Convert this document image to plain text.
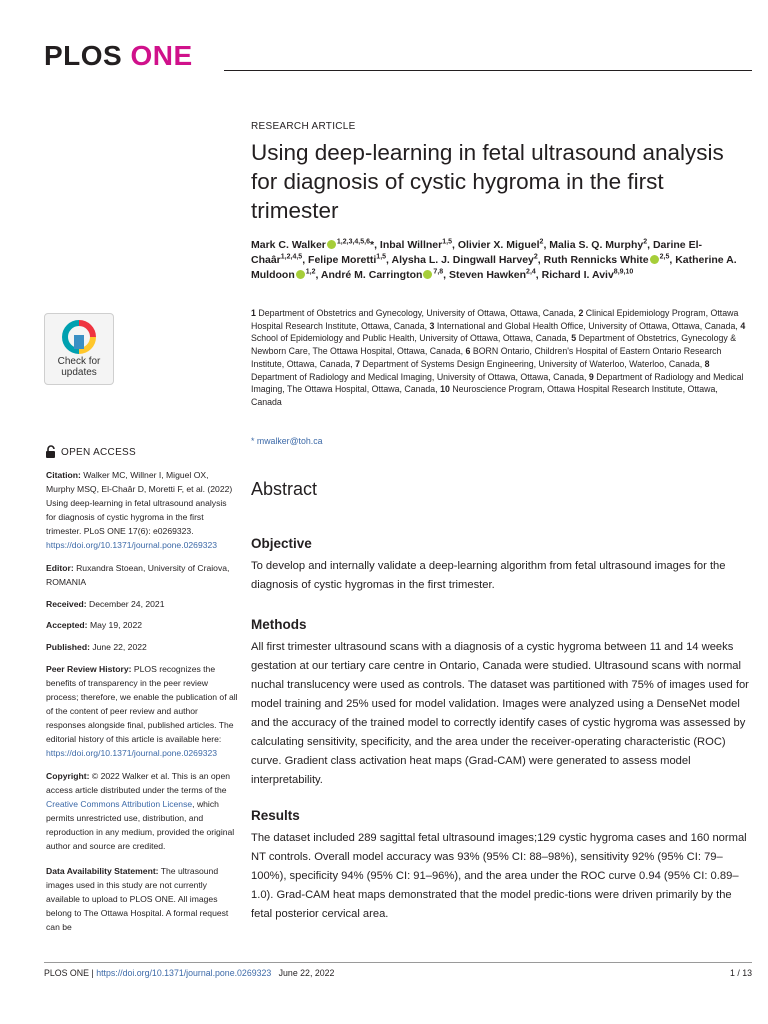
PLOS ONE
Check for
updates
OPEN ACCESS
Citation: Walker MC, Willner I, Miguel OX, Murphy MSQ, El-Chaâr D, Moretti F, et al. (2022) Using deep-learning in fetal ultrasound analysis for diagnosis of cystic hygroma in the first trimester. PLoS ONE 17(6): e0269323. https://doi.org/10.1371/journal.pone.0269323
Editor: Ruxandra Stoean, University of Craiova, ROMANIA
Received: December 24, 2021
Accepted: May 19, 2022
Published: June 22, 2022
Peer Review History: PLOS recognizes the benefits of transparency in the peer review process; therefore, we enable the publication of all of the content of peer review and author responses alongside final, published articles. The editorial history of this article is available here: https://doi.org/10.1371/journal.pone.0269323
Copyright: © 2022 Walker et al. This is an open access article distributed under the terms of the Creative Commons Attribution License, which permits unrestricted use, distribution, and reproduction in any medium, provided the original author and source are credited.
Data Availability Statement: The ultrasound images used in this study are not currently available to upload to PLOS ONE. All images belong to The Ottawa Hospital. A formal request can be
RESEARCH ARTICLE
Using deep-learning in fetal ultrasound analysis for diagnosis of cystic hygroma in the first trimester
Mark C. Walker $^{1,2,3,4,5,6}$*, Inbal Willner$^{1,5}$, Olivier X. Miguel$^2$, Malia S. Q. Murphy$^2$, Darine El-Chaâr$^{1,2,4,5}$, Felipe Moretti$^{1,5}$, Alysha L. J. Dingwall Harvey$^2$, Ruth Rennicks White $^{2,5}$, Katherine A. Muldoon $^{1,2}$, André M. Carrington $^{7,8}$, Steven Hawken$^{2,4}$, Richard I. Aviv$^{8,9,10}$
1 Department of Obstetrics and Gynecology, University of Ottawa, Ottawa, Canada, 2 Clinical Epidemiology Program, Ottawa Hospital Research Institute, Ottawa, Canada, 3 International and Global Health Office, University of Ottawa, Ottawa, Canada, 4 School of Epidemiology and Public Health, University of Ottawa, Ottawa, Canada, 5 Department of Obstetrics, Gynecology & Newborn Care, The Ottawa Hospital, Ottawa, Canada, 6 BORN Ontario, Children's Hospital of Eastern Ontario Research Institute, Ottawa, Canada, 7 Department of Systems Design Engineering, University of Waterloo, Waterloo, Canada, 8 Department of Radiology and Medical Imaging, University of Ottawa, Ottawa, Canada, 9 Department of Radiology and Medical Imaging, The Ottawa Hospital, Ottawa, Canada, 10 Neuroscience Program, Ottawa Hospital Research Institute, Ottawa, Canada
* mwalker@toh.ca
Abstract
Objective
To develop and internally validate a deep-learning algorithm from fetal ultrasound images for the diagnosis of cystic hygromas in the first trimester.
Methods
All first trimester ultrasound scans with a diagnosis of a cystic hygroma between 11 and 14 weeks gestation at our tertiary care centre in Ontario, Canada were studied. Ultrasound scans with normal nuchal translucency were used as controls. The dataset was partitioned with 75% of images used for model training and 25% used for model validation. Images were analyzed using a DenseNet model and the accuracy of the trained model to correctly identify cases of cystic hygroma was assessed by calculating sensitivity, specificity, and the area under the receiver-operating characteristic (ROC) curve. Gradient class activation heat maps (Grad-CAM) were generated to assess model interpretability.
Results
The dataset included 289 sagittal fetal ultrasound images;129 cystic hygroma cases and 160 normal NT controls. Overall model accuracy was 93% (95% CI: 88–98%), sensitivity 92% (95% CI: 79–100%), specificity 94% (95% CI: 91–96%), and the area under the ROC curve 0.94 (95% CI: 0.89–1.0). Grad-CAM heat maps demonstrated that the model predic-tions were driven primarily by the fetal posterior cervical area.
PLOS ONE | https://doi.org/10.1371/journal.pone.0269323 June 22, 2022	1 / 13
